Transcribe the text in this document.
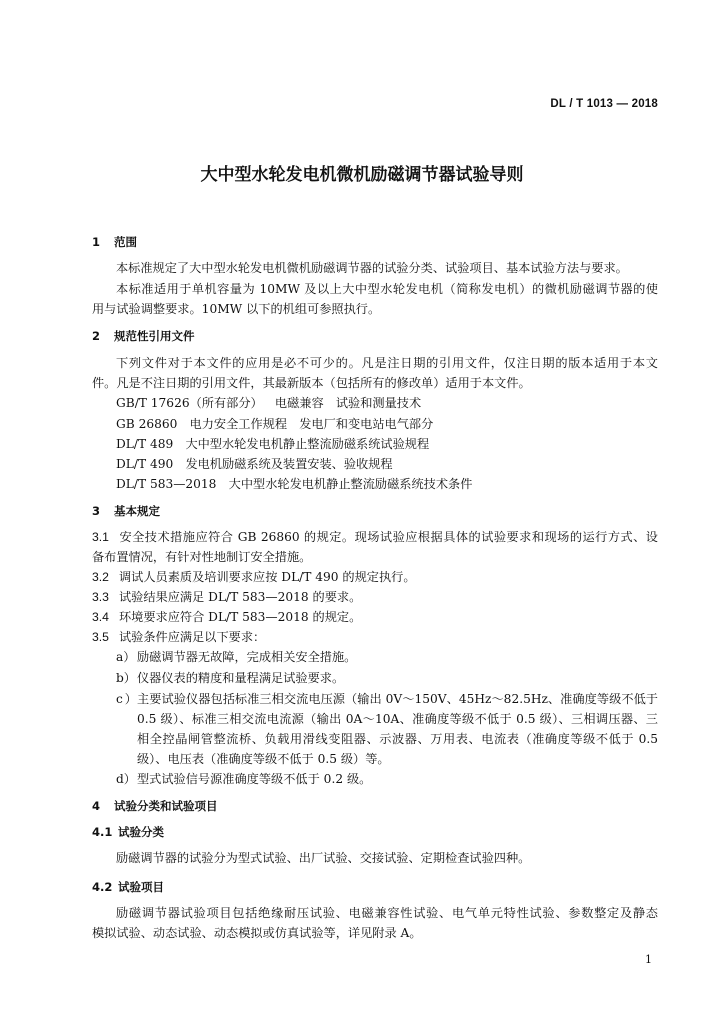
DL / T 1013 — 2018
大中型水轮发电机微机励磁调节器试验导则
1 范围
本标准规定了大中型水轮发电机微机励磁调节器的试验分类、试验项目、基本试验方法与要求。
本标准适用于单机容量为 10MW 及以上大中型水轮发电机（简称发电机）的微机励磁调节器的使
用与试验调整要求。10MW 以下的机组可参照执行。
2 规范性引用文件
下列文件对于本文件的应用是必不可少的。凡是注日期的引用文件，仅注日期的版本适用于本文
件。凡是不注日期的引用文件，其最新版本（包括所有的修改单）适用于本文件。
GB/T 17626（所有部分）　 电磁兼容　试验和测量技术
GB 26860　 电力安全工作规程　发电厂和变电站电气部分
DL/T 489　 大中型水轮发电机静止整流励磁系统试验规程
DL/T 490　 发电机励磁系统及装置安装、验收规程
DL/T 583—2018　 大中型水轮发电机静止整流励磁系统技术条件
3 基本规定
3.1 安全技术措施应符合 GB 26860 的规定。现场试验应根据具体的试验要求和现场的运行方式、设
备布置情况，有针对性地制订安全措施。
3.2 调试人员素质及培训要求应按 DL/T 490 的规定执行。
3.3 试验结果应满足 DL/T 583—2018 的要求。
3.4 环境要求应符合 DL/T 583—2018 的规定。
3.5 试验条件应满足以下要求：
a） 励磁调节器无故障，完成相关安全措施。
b）仪器仪表的精度和量程满足试验要求。
c）主要试验仪器包括标准三相交流电压源（输出 0V～150V、45Hz～82.5Hz、准确度等级不低于
0.5 级）、标准三相交流电流源（输出 0A～10A、准确度等级不低于 0.5 级）、三相调压器、三
相全控晶闸管整流桥、负载用滑线变阻器、示波器、万用表、电流表（准确度等级不低于 0.5
级）、电压表（准确度等级不低于 0.5 级）等。
d）型式试验信号源准确度等级不低于 0.2 级。
4 试验分类和试验项目
4.1 试验分类
励磁调节器的试验分为型式试验、出厂试验、交接试验、定期检查试验四种。
4.2 试验项目
励磁调节器试验项目包括绝缘耐压试验、电磁兼容性试验、电气单元特性试验、参数整定及静态
模拟试验、动态试验、动态模拟或仿真试验等，详见附录 A。
1
